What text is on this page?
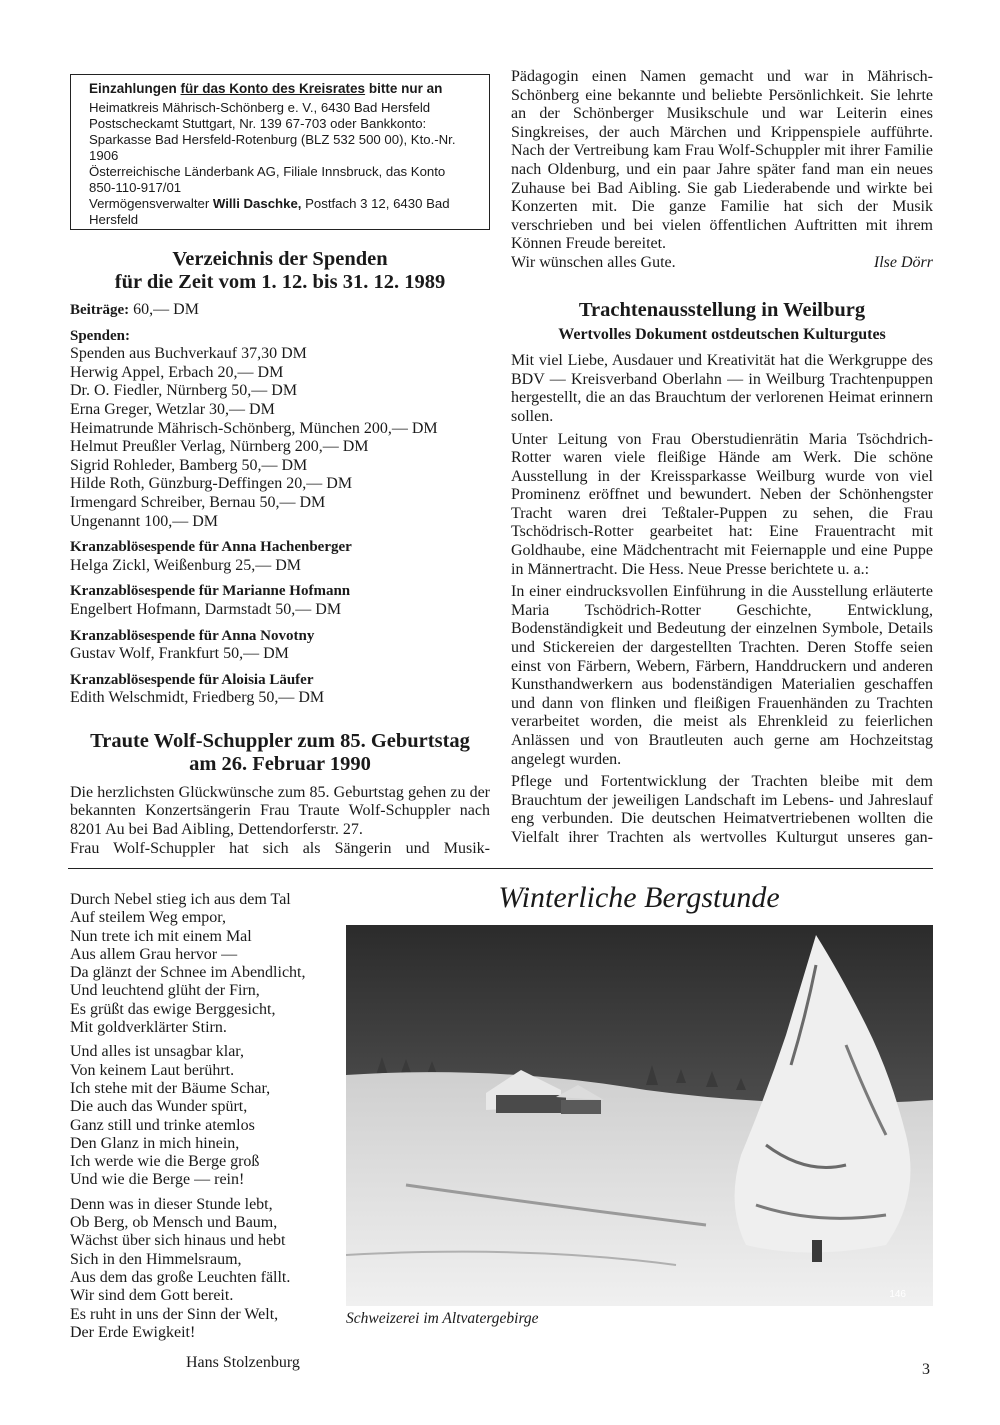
Einzahlungen für das Konto des Kreisrates bitte nur an

Heimatkreis Mährisch-Schönberg e. V., 6430 Bad Hersfeld

Postscheckamt Stuttgart, Nr. 139 67-703 oder Bankkonto:

Sparkasse Bad Hersfeld-Rotenburg (BLZ 532 500 00), Kto.-Nr.

1906

Österreichische Länderbank AG, Filiale Innsbruck, das Konto

850-110-917/01

Vermögensverwalter Willi Daschke, Postfach 3 12, 6430 Bad

Hersfeld

Verzeichnis der Spenden
für die Zeit vom 1. 12. bis 31. 12. 1989
Beiträge: 60,— DM
Spenden:
Spenden aus Buchverkauf 37,30 DM
Herwig Appel, Erbach 20,— DM
Dr. O. Fiedler, Nürnberg 50,— DM
Erna Greger, Wetzlar 30,— DM
Heimatrunde Mährisch-Schönberg, München 200,— DM
Helmut Preußler Verlag, Nürnberg 200,— DM
Sigrid Rohleder, Bamberg 50,— DM
Hilde Roth, Günzburg-Deffingen 20,— DM
Irmengard Schreiber, Bernau 50,— DM
Ungenannt 100,— DM
Kranzablösespende für Anna Hachenberger
Helga Zickl, Weißenburg 25,— DM
Kranzablösespende für Marianne Hofmann
Engelbert Hofmann, Darmstadt 50,— DM
Kranzablösespende für Anna Novotny
Gustav Wolf, Frankfurt 50,— DM
Kranzablösespende für Aloisia Läufer
Edith Welschmidt, Friedberg 50,— DM
Traute Wolf-Schuppler zum 85. Geburtstag
am 26. Februar 1990
Die herzlichsten Glückwünsche zum 85. Geburtstag gehen zu der bekannten Konzertsängerin Frau Traute Wolf-Schuppler nach 8201 Au bei Bad Aibling, Dettendorferstr. 27.
Frau Wolf-Schuppler hat sich als Sängerin und Musik-
Pädagogin einen Namen gemacht und war in Mährisch-Schönberg eine bekannte und beliebte Persönlichkeit. Sie lehrte an der Schönberger Musikschule und war Leiterin eines Singkreises, der auch Märchen und Krippenspiele aufführte. Nach der Vertreibung kam Frau Wolf-Schuppler mit ihrer Familie nach Oldenburg, und ein paar Jahre später fand man ein neues Zuhause bei Bad Aibling. Sie gab Liederabende und wirkte bei Konzerten mit. Die ganze Familie hat sich der Musik verschrieben und bei vielen öffentlichen Auftritten mit ihrem Können Freude bereitet.
Wir wünschen alles Gute.	Ilse Dörr
Trachtenausstellung in Weilburg
Wertvolles Dokument ostdeutschen Kulturgutes

Mit viel Liebe, Ausdauer und Kreativität hat die Werkgruppe des BDV — Kreisverband Oberlahn — in Weilburg Trachtenpuppen hergestellt, die an das Brauchtum der verlorenen Heimat erinnern sollen.

Unter Leitung von Frau Oberstudienrätin Maria Tsöchdrich-Rotter waren viele fleißige Hände am Werk. Die schöne Ausstellung in der Kreissparkasse Weilburg wurde von viel Prominenz eröffnet und bewundert. Neben der Schönhengster Tracht waren drei Teßtaler-Puppen zu sehen, die Frau Tschödrisch-Rotter gearbeitet hat: Eine Frauentracht mit Goldhaube, eine Mädchentracht mit Feiernapple und eine Puppe in Männertracht. Die Hess. Neue Presse berichtete u. a.:

In einer eindrucksvollen Einführung in die Ausstellung erläuterte Maria Tschödrich-Rotter Geschichte, Entwicklung, Bodenständigkeit und Bedeutung der einzelnen Symbole, Details und Stickereien der dargestellten Trachten. Deren Stoffe seien einst von Färbern, Webern, Färbern, Handdruckern und anderen Kunsthandwerkern aus bodenständigen Materialien geschaffen und dann von flinken und fleißigen Frauenhänden zu Trachten verarbeitet worden, die meist als Ehrenkleid zu feierlichen Anlässen und von Brautleuten auch gerne am Hochzeitstag angelegt wurden.

Pflege und Fortentwicklung der Trachten bleibe mit dem Brauchtum der jeweiligen Landschaft im Lebens- und Jahreslauf eng verbunden. Die deutschen Heimatvertriebenen wollten die Vielfalt ihrer Trachten als wertvolles Kulturgut unseres gan-

Durch Nebel stieg ich aus dem Tal
Auf steilem Weg empor,
Nun trete ich mit einem Mal
Aus allem Grau hervor —
Da glänzt der Schnee im Abendlicht,
Und leuchtend glüht der Firn,
Es grüßt das ewige Berggesicht,
Mit goldverklärter Stirn.
Und alles ist unsagbar klar,
Von keinem Laut berührt.
Ich stehe mit der Bäume Schar,
Die auch das Wunder spürt,
Ganz still und trinke atemlos
Den Glanz in mich hinein,
Ich werde wie die Berge groß
Und wie die Berge — rein!
Denn was in dieser Stunde lebt,
Ob Berg, ob Mensch und Baum,
Wächst über sich hinaus und hebt
Sich in den Himmelsraum,
Aus dem das große Leuchten fällt.
Wir sind dem Gott bereit.
Es ruht in uns der Sinn der Welt,
Der Erde Ewigkeit!
Hans Stolzenburg
Winterliche Bergstunde
146
Schweizerei im Altvatergebirge
3
